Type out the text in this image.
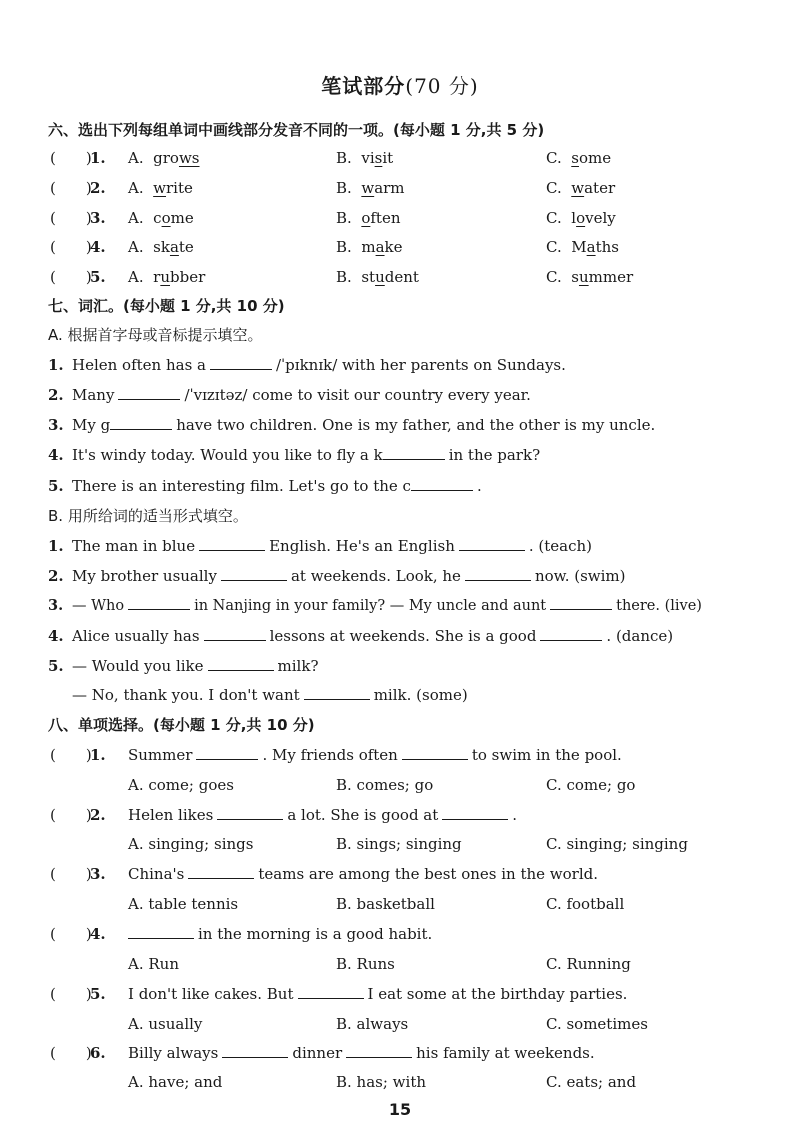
笔试部分(70 分)
六、选出下列每组单词中画线部分发音不同的一项。(每小题 1 分,共 5 分)
(　　)
1. A. grows	B. visit	C. some
(　　)
2. A. write	B. warm	C. water
(　　)
3. A. come	B. often	C. lovely
(　　)
4. A. skate	B. make	C. Maths
(　　)
5. A. rubber	B. student	C. summer
七、词汇。(每小题 1 分,共 10 分)
A. 根据首字母或音标提示填空。
1. Helen often has a	/ˈpɪknɪk/ with her parents on Sundays.
2. Many	/ˈvɪzɪtəz/ come to visit our country every year.
3. My g	have two children. One is my father, and the other is my uncle.
4. It's windy today. Would you like to fly a k	in the park?
5. There is an interesting film. Let's go to the c	.
B. 用所给词的适当形式填空。
1. The man in blue	English. He's an English	. (teach)
2. My brother usually	at weekends. Look, he	now. (swim)
3. — Who	in Nanjing in your family? — My uncle and aunt	there. (live)
4. Alice usually has	lessons at weekends. She is a good	. (dance)
5. — Would you like	milk?
— No, thank you. I don't want	milk. (some)
八、单项选择。(每小题 1 分,共 10 分)
(　　)
1. Summer	. My friends often	to swim in the pool.
A. come; goes	B. comes; go	C. come; go
(　　)
2. Helen likes	a lot. She is good at	.
A. singing; sings	B. sings; singing	C. singing; singing
(　　)
3. China's	teams are among the best ones in the world.
A. table tennis	B. basketball	C. football
(　　)
4.	in the morning is a good habit.
A. Run	B. Runs	C. Running
(　　)
5. I don't like cakes. But	I eat some at the birthday parties.
A. usually	B. always	C. sometimes
(　　)
6. Billy always	dinner	his family at weekends.
A. have; and	B. has; with	C. eats; and
15
